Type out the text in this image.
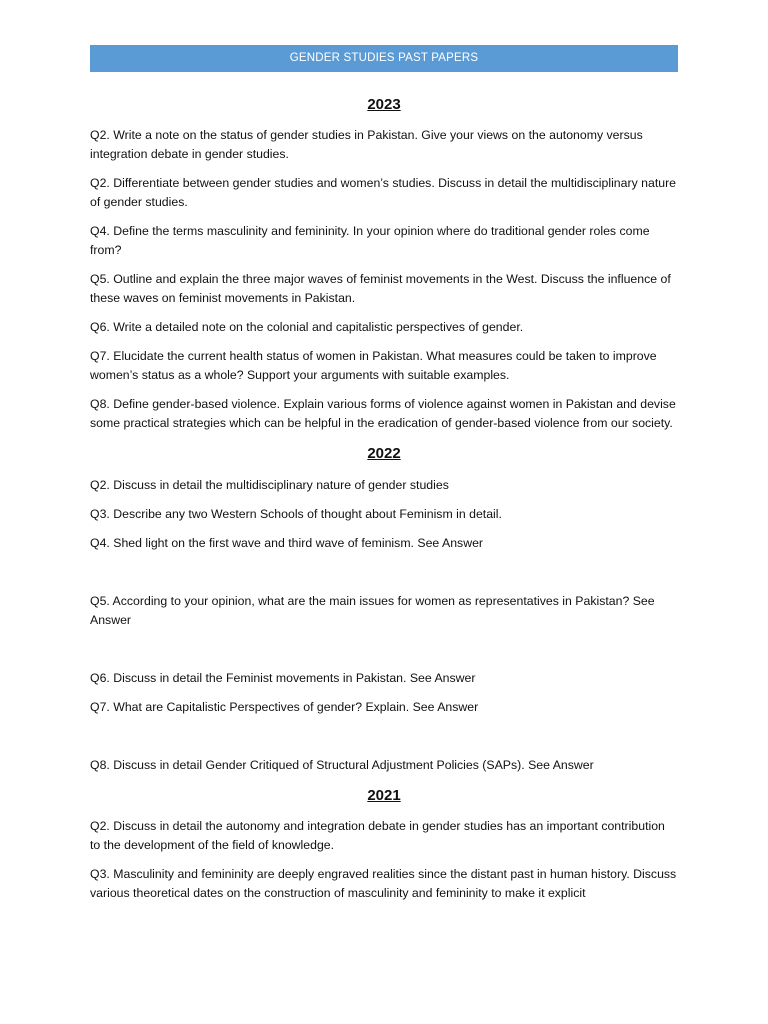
GENDER STUDIES PAST PAPERS
2023

Q2. Write a note on the status of gender studies in Pakistan. Give your views on the autonomy versus integration debate in gender studies.

Q2. Differentiate between gender studies and women’s studies. Discuss in detail the multidisciplinary nature of gender studies.

Q4. Define the terms masculinity and femininity. In your opinion where do traditional gender roles come from?

Q5. Outline and explain the three major waves of feminist movements in the West. Discuss the influence of these waves on feminist movements in Pakistan.

Q6. Write a detailed note on the colonial and capitalistic perspectives of gender.

Q7. Elucidate the current health status of women in Pakistan. What measures could be taken to improve women’s status as a whole? Support your arguments with suitable examples.

Q8. Define gender-based violence. Explain various forms of violence against women in Pakistan and devise some practical strategies which can be helpful in the eradication of gender-based violence from our society.

2022

Q2. Discuss in detail the multidisciplinary nature of gender studies

Q3. Describe any two Western Schools of thought about Feminism in detail.

Q4. Shed light on the first wave and third wave of feminism. See Answer

Q5. According to your opinion, what are the main issues for women as representatives in Pakistan? See Answer

Q6. Discuss in detail the Feminist movements in Pakistan. See Answer

Q7. What are Capitalistic Perspectives of gender? Explain. See Answer

Q8. Discuss in detail Gender Critiqued of Structural Adjustment Policies (SAPs). See Answer

2021

Q2. Discuss in detail the autonomy and integration debate in gender studies has an important contribution to the development of the field of knowledge.

Q3. Masculinity and femininity are deeply engraved realities since the distant past in human history. Discuss various theoretical dates on the construction of masculinity and femininity to make it explicit
